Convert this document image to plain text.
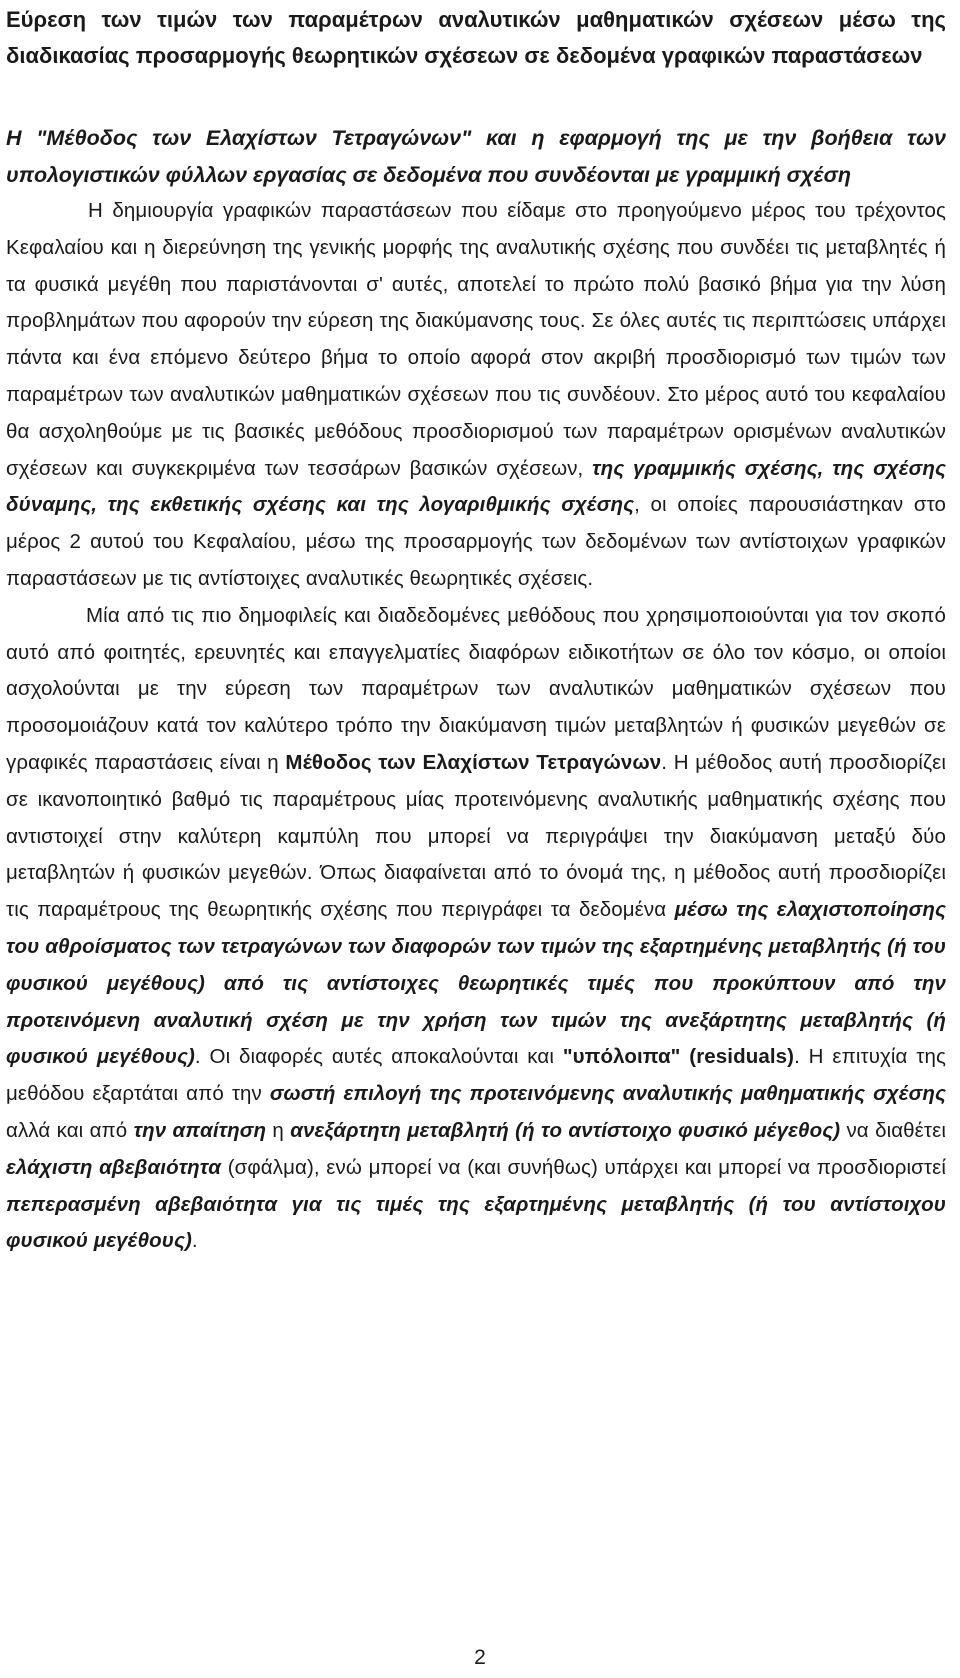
Εύρεση των τιμών των παραμέτρων αναλυτικών μαθηματικών σχέσεων μέσω της διαδικασίας προσαρμογής θεωρητικών σχέσεων σε δεδομένα γραφικών παραστάσεων
Η "Μέθοδος των Ελαχίστων Τετραγώνων" και η εφαρμογή της με την βοήθεια των υπολογιστικών φύλλων εργασίας σε δεδομένα που συνδέονται με γραμμική σχέση

Η δημιουργία γραφικών παραστάσεων που είδαμε στο προηγούμενο μέρος του τρέχοντος Κεφαλαίου και η διερεύνηση της γενικής μορφής της αναλυτικής σχέσης που συνδέει τις μεταβλητές ή τα φυσικά μεγέθη που παριστάνονται σ' αυτές, αποτελεί το πρώτο πολύ βασικό βήμα για την λύση προβλημάτων που αφορούν την εύρεση της διακύμανσης τους. Σε όλες αυτές τις περιπτώσεις υπάρχει πάντα και ένα επόμενο δεύτερο βήμα το οποίο αφορά στον ακριβή προσδιορισμό των τιμών των παραμέτρων των αναλυτικών μαθηματικών σχέσεων που τις συνδέουν. Στο μέρος αυτό του κεφαλαίου θα ασχοληθούμε με τις βασικές μεθόδους προσδιορισμού των παραμέτρων ορισμένων αναλυτικών σχέσεων και συγκεκριμένα των τεσσάρων βασικών σχέσεων, της γραμμικής σχέσης, της σχέσης δύναμης, της εκθετικής σχέσης και της λογαριθμικής σχέσης, οι οποίες παρουσιάστηκαν στο μέρος 2 αυτού του Κεφαλαίου, μέσω της προσαρμογής των δεδομένων των αντίστοιχων γραφικών παραστάσεων με τις αντίστοιχες αναλυτικές θεωρητικές σχέσεις.

Μία από τις πιο δημοφιλείς και διαδεδομένες μεθόδους που χρησιμοποιούνται για τον σκοπό αυτό από φοιτητές, ερευνητές και επαγγελματίες διαφόρων ειδικοτήτων σε όλο τον κόσμο, οι οποίοι ασχολούνται με την εύρεση των παραμέτρων των αναλυτικών μαθηματικών σχέσεων που προσομοιάζουν κατά τον καλύτερο τρόπο την διακύμανση τιμών μεταβλητών ή φυσικών μεγεθών σε γραφικές παραστάσεις είναι η Μέθοδος των Ελαχίστων Τετραγώνων. Η μέθοδος αυτή προσδιορίζει σε ικανοποιητικό βαθμό τις παραμέτρους μίας προτεινόμενης αναλυτικής μαθηματικής σχέσης που αντιστοιχεί στην καλύτερη καμπύλη που μπορεί να περιγράψει την διακύμανση μεταξύ δύο μεταβλητών ή φυσικών μεγεθών. Όπως διαφαίνεται από το όνομά της, η μέθοδος αυτή προσδιορίζει τις παραμέτρους της θεωρητικής σχέσης που περιγράφει τα δεδομένα μέσω της ελαχιστοποίησης του αθροίσματος των τετραγώνων των διαφορών των τιμών της εξαρτημένης μεταβλητής (ή του φυσικού μεγέθους) από τις αντίστοιχες θεωρητικές τιμές που προκύπτουν από την προτεινόμενη αναλυτική σχέση με την χρήση των τιμών της ανεξάρτητης μεταβλητής (ή φυσικού μεγέθους). Οι διαφορές αυτές αποκαλούνται και "υπόλοιπα" (residuals). Η επιτυχία της μεθόδου εξαρτάται από την σωστή επιλογή της προτεινόμενης αναλυτικής μαθηματικής σχέσης αλλά και από την απαίτηση η ανεξάρτητη μεταβλητή (ή το αντίστοιχο φυσικό μέγεθος) να διαθέτει ελάχιστη αβεβαιότητα (σφάλμα), ενώ μπορεί να (και συνήθως) υπάρχει και μπορεί να προσδιοριστεί πεπερασμένη αβεβαιότητα για τις τιμές της εξαρτημένης μεταβλητής (ή του αντίστοιχου φυσικού μεγέθους).

2
